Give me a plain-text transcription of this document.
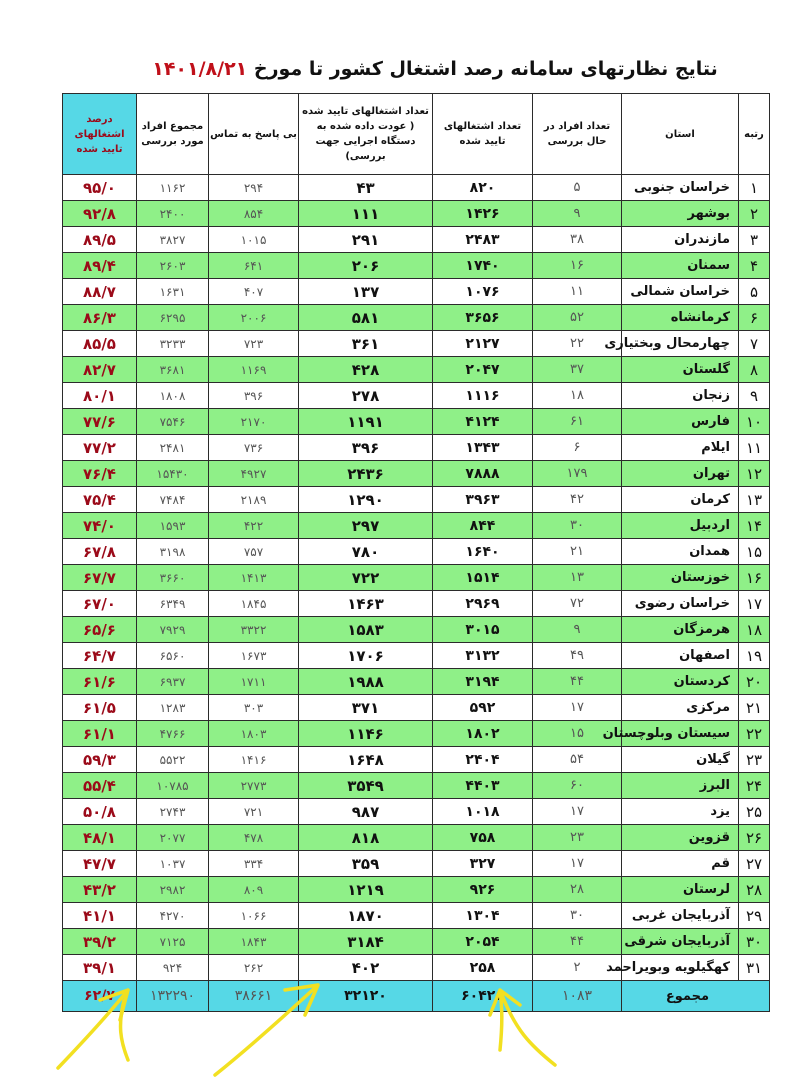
نتایج نظارتهای سامانه رصد اشتغال کشور تا مورخ ۱۴۰۱/۸/۲۱
رتبه	استان	تعداد افراد در حال بررسی	تعداد اشتغالهای تایید شده	تعداد اشتغالهای تایید شده ( عودت داده شده به دستگاه اجرایی جهت بررسی)	بی پاسخ به تماس	مجموع افراد مورد بررسی	درصد اشتغالهای تایید شده
۱	خراسان جنوبی	۵	۸۲۰	۴۳	۲۹۴	۱۱۶۲	۹۵/۰
۲	بوشهر	۹	۱۴۲۶	۱۱۱	۸۵۴	۲۴۰۰	۹۲/۸
۳	مازندران	۳۸	۲۴۸۳	۲۹۱	۱۰۱۵	۳۸۲۷	۸۹/۵
۴	سمنان	۱۶	۱۷۴۰	۲۰۶	۶۴۱	۲۶۰۳	۸۹/۴
۵	خراسان شمالی	۱۱	۱۰۷۶	۱۳۷	۴۰۷	۱۶۳۱	۸۸/۷
۶	کرمانشاه	۵۲	۳۶۵۶	۵۸۱	۲۰۰۶	۶۲۹۵	۸۶/۳
۷	چهارمحال وبختیاری	۲۲	۲۱۲۷	۳۶۱	۷۲۳	۳۲۳۳	۸۵/۵
۸	گلستان	۳۷	۲۰۴۷	۴۲۸	۱۱۶۹	۳۶۸۱	۸۲/۷
۹	زنجان	۱۸	۱۱۱۶	۲۷۸	۳۹۶	۱۸۰۸	۸۰/۱
۱۰	فارس	۶۱	۴۱۲۴	۱۱۹۱	۲۱۷۰	۷۵۴۶	۷۷/۶
۱۱	ایلام	۶	۱۳۴۳	۳۹۶	۷۳۶	۲۴۸۱	۷۷/۲
۱۲	تهران	۱۷۹	۷۸۸۸	۲۴۳۶	۴۹۲۷	۱۵۴۳۰	۷۶/۴
۱۳	کرمان	۴۲	۳۹۶۳	۱۲۹۰	۲۱۸۹	۷۴۸۴	۷۵/۴
۱۴	اردبیل	۳۰	۸۴۴	۲۹۷	۴۲۲	۱۵۹۳	۷۴/۰
۱۵	همدان	۲۱	۱۶۴۰	۷۸۰	۷۵۷	۳۱۹۸	۶۷/۸
۱۶	خوزستان	۱۳	۱۵۱۴	۷۲۲	۱۴۱۳	۳۶۶۰	۶۷/۷
۱۷	خراسان رضوی	۷۲	۲۹۶۹	۱۴۶۳	۱۸۴۵	۶۳۴۹	۶۷/۰
۱۸	هرمزگان	۹	۳۰۱۵	۱۵۸۳	۳۳۲۲	۷۹۲۹	۶۵/۶
۱۹	اصفهان	۴۹	۳۱۳۲	۱۷۰۶	۱۶۷۳	۶۵۶۰	۶۴/۷
۲۰	کردستان	۴۴	۳۱۹۴	۱۹۸۸	۱۷۱۱	۶۹۳۷	۶۱/۶
۲۱	مرکزی	۱۷	۵۹۲	۳۷۱	۳۰۳	۱۲۸۳	۶۱/۵
۲۲	سیستان وبلوچستان	۱۵	۱۸۰۲	۱۱۴۶	۱۸۰۳	۴۷۶۶	۶۱/۱
۲۳	گیلان	۵۴	۲۴۰۴	۱۶۴۸	۱۴۱۶	۵۵۲۲	۵۹/۳
۲۴	البرز	۶۰	۴۴۰۳	۳۵۴۹	۲۷۷۳	۱۰۷۸۵	۵۵/۴
۲۵	یزد	۱۷	۱۰۱۸	۹۸۷	۷۲۱	۲۷۴۳	۵۰/۸
۲۶	قزوین	۲۳	۷۵۸	۸۱۸	۴۷۸	۲۰۷۷	۴۸/۱
۲۷	قم	۱۷	۳۲۷	۳۵۹	۳۳۴	۱۰۳۷	۴۷/۷
۲۸	لرستان	۲۸	۹۲۶	۱۲۱۹	۸۰۹	۲۹۸۲	۴۳/۲
۲۹	آذربایجان غربی	۳۰	۱۳۰۴	۱۸۷۰	۱۰۶۶	۴۲۷۰	۴۱/۱
۳۰	آذربایجان شرقی	۴۴	۲۰۵۴	۳۱۸۴	۱۸۴۳	۷۱۲۵	۳۹/۲
۳۱	کهگیلویه وبویراحمد	۲	۲۵۸	۴۰۲	۲۶۲	۹۲۴	۳۹/۱
مجموع		۱۰۸۳	۶۰۴۲۶	۳۲۱۲۰	۳۸۶۶۱	۱۳۲۲۹۰	۶۲/۷
